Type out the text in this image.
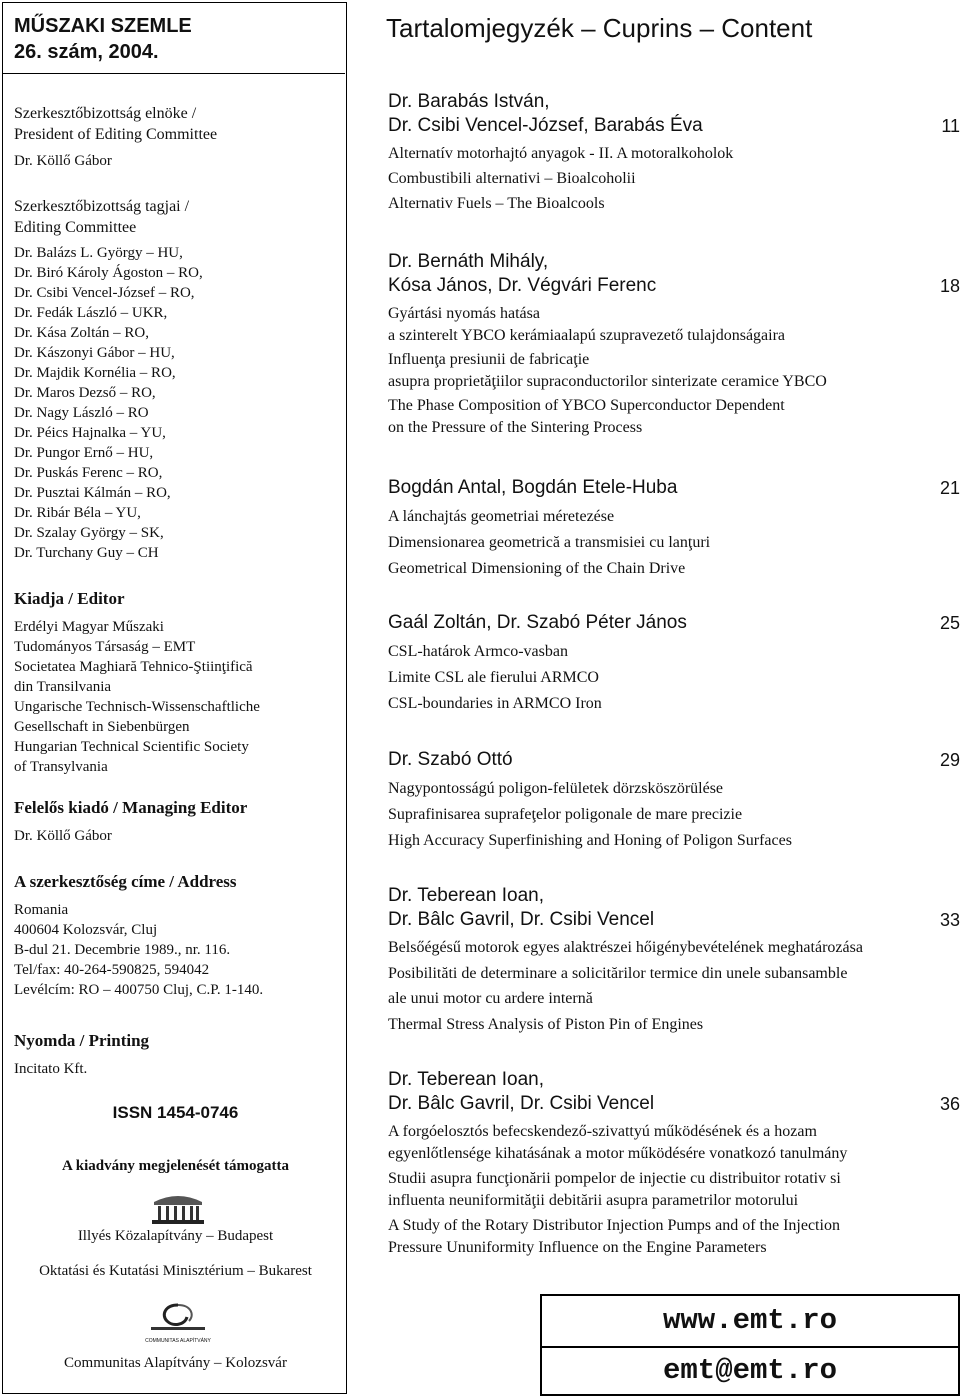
MŰSZAKI SZEMLE
26. szám, 2004.
Szerkesztőbizottság elnöke /
President of Editing Committee
Dr. Köllő Gábor
Szerkesztőbizottság tagjai /
Editing Committee
Dr. Balázs L. György – HU,
Dr. Biró Károly Ágoston – RO,
Dr. Csibi Vencel-József – RO,
Dr. Fedák László – UKR,
Dr. Kása Zoltán – RO,
Dr. Kászonyi Gábor – HU,
Dr. Majdik Kornélia – RO,
Dr. Maros Dezső – RO,
Dr. Nagy László – RO
Dr. Péics Hajnalka – YU,
Dr. Pungor Ernő – HU,
Dr. Puskás Ferenc – RO,
Dr. Pusztai Kálmán – RO,
Dr. Ribár Béla – YU,
Dr. Szalay György – SK,
Dr. Turchany Guy – CH
Kiadja / Editor
Erdélyi Magyar Műszaki
Tudományos Társaság – EMT
Societatea Maghiară Tehnico-Ştiinţifică
din Transilvania
Ungarische Technisch-Wissenschaftliche
Gesellschaft in Siebenbürgen
Hungarian Technical Scientific Society
of Transylvania
Felelős kiadó / Managing Editor
Dr. Köllő Gábor
A szerkesztőség címe / Address
Romania
400604 Kolozsvár, Cluj
B-dul 21. Decembrie 1989., nr. 116.
Tel/fax: 40-264-590825, 594042
Levélcím: RO – 400750 Cluj, C.P. 1-140.
Nyomda / Printing
Incitato Kft.
ISSN 1454-0746
A kiadvány megjelenését támogatta
Illyés Közalapítvány – Budapest
Oktatási és Kutatási Minisztérium – Bukarest
COMMUNITAS ALAPÍTVÁNY
Communitas Alapítvány – Kolozsvár
Tartalomjegyzék – Cuprins – Content
Dr. Barabás István,
Dr. Csibi Vencel-József, Barabás Éva	11
Alternatív motorhajtó anyagok - II. A motoralkoholok
Combustibili alternativi – Bioalcoholii
Alternativ Fuels – The Bioalcools
Dr. Bernáth Mihály,
Kósa János, Dr. Végvári Ferenc	18
Gyártási nyomás hatása
a szinterelt YBCO kerámiaalapú szupravezető tulajdonságaira
Influenţa presiunii de fabricaţie
asupra proprietăţiilor supraconductorilor sinterizate ceramice YBCO
The Phase Composition of YBCO Superconductor Dependent
on the Pressure of the Sintering Process
Bogdán Antal, Bogdán Etele-Huba	21
A lánchajtás geometriai méretezése
Dimensionarea geometrică a transmisiei cu lanţuri
Geometrical Dimensioning of the Chain Drive
Gaál Zoltán, Dr. Szabó Péter János	25
CSL-határok Armco-vasban
Limite CSL ale fierului ARMCO
CSL-boundaries in ARMCO Iron
Dr. Szabó Ottó	29
Nagypontosságú poligon-felületek dörzsköszörülése
Suprafinisarea suprafeţelor poligonale de mare precizie
High Accuracy Superfinishing and Honing of Poligon Surfaces
Dr. Teberean Ioan,
Dr. Bâlc Gavril, Dr. Csibi Vencel	33
Belsőégésű motorok egyes alaktrészei hőigénybevételének meghatározása
Posibilităti de determinare a solicitărilor termice din unele subansamble
ale unui motor cu ardere internă
Thermal Stress Analysis of Piston Pin of Engines
Dr. Teberean Ioan,
Dr. Bâlc Gavril, Dr. Csibi Vencel	36
A forgóelosztós befecskendező-szivattyú működésének és a hozam
egyenlőtlensége kihatásának a motor működésére vonatkozó tanulmány
Studii asupra funcţionării pompelor de injectie cu distribuitor rotativ si
influenta neuniformităţii debitării asupra parametrilor motorului
A Study of the Rotary Distributor Injection Pumps and of the Injection
Pressure Ununiformity Influence on the Engine Parameters
www.emt.ro
emt@emt.ro
